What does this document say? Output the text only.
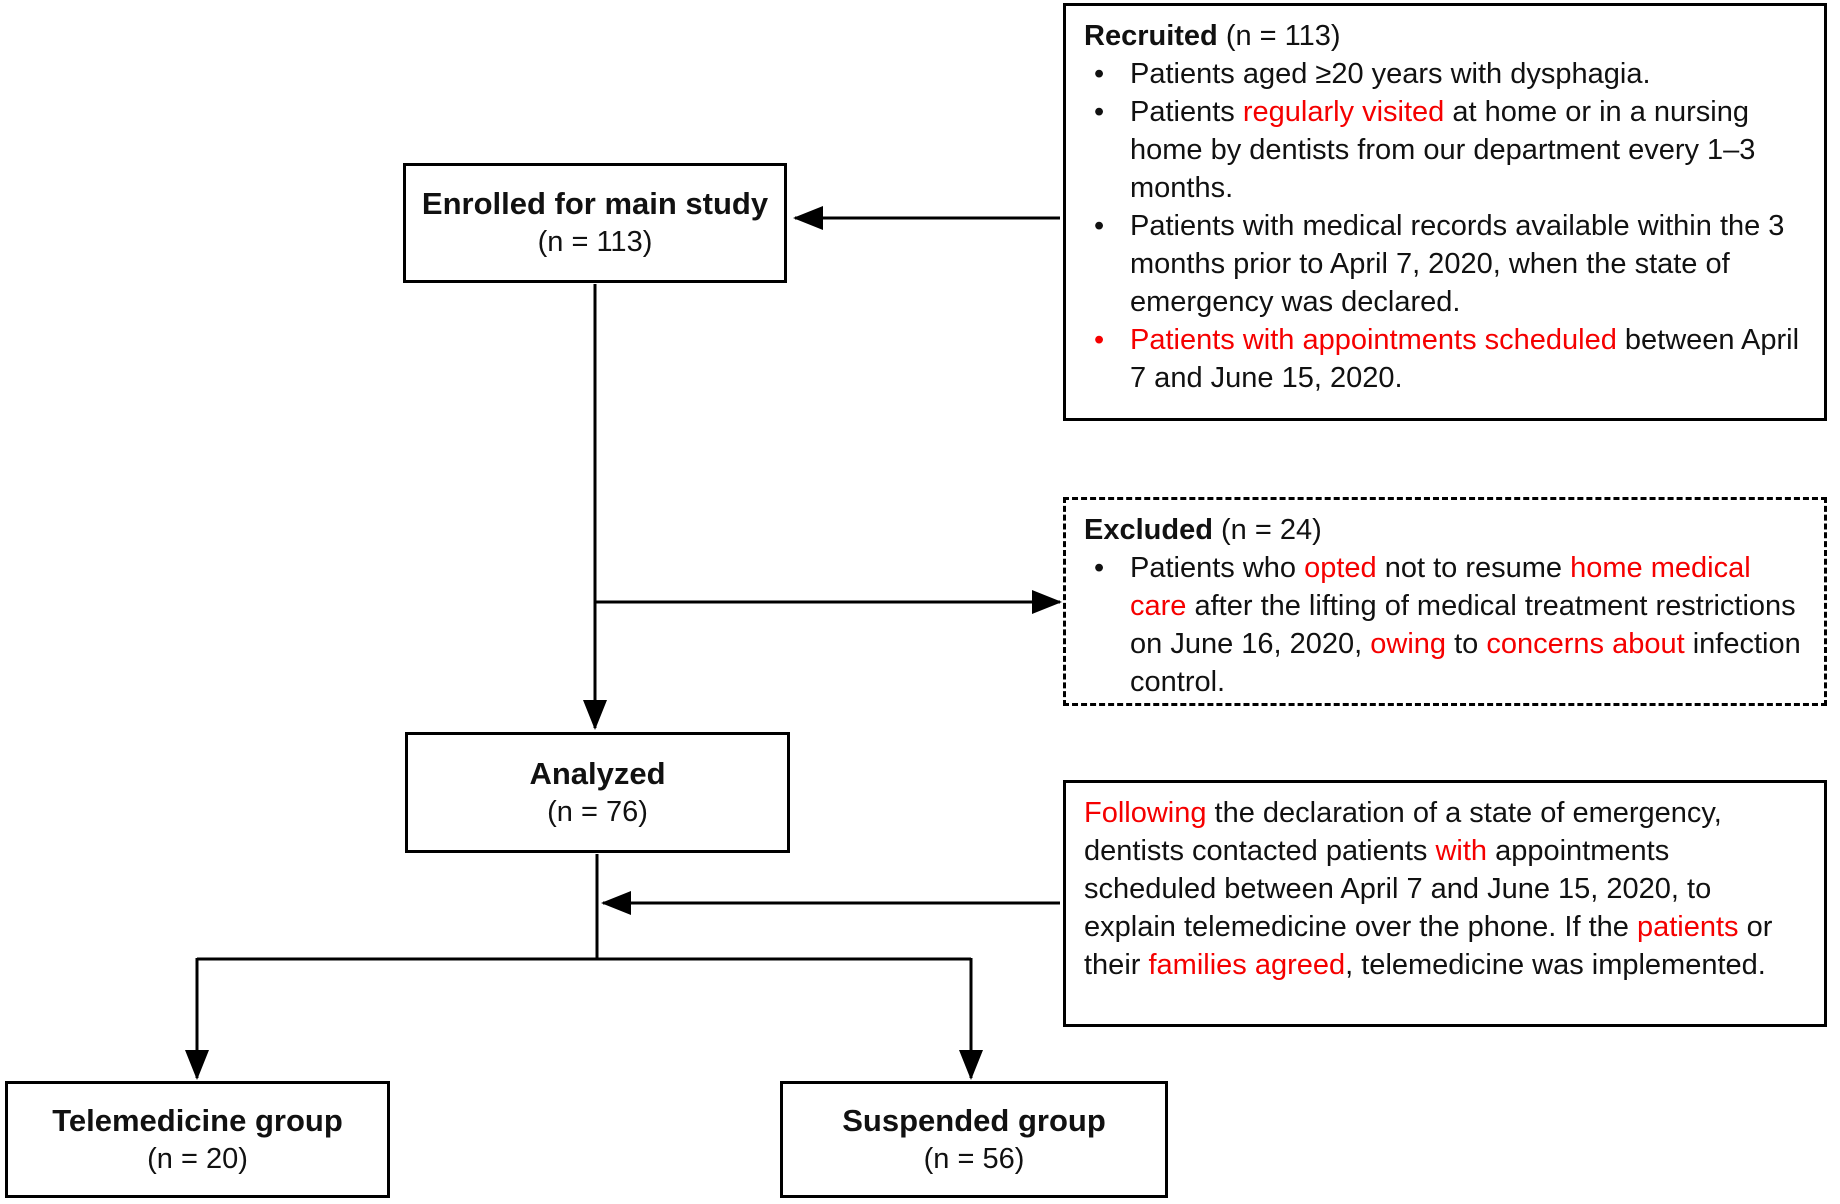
Enrolled for main study
(n = 113)
Analyzed
(n = 76)
Telemedicine group
(n = 20)
Suspended group
(n = 56)
Recruited (n = 113)
• Patients aged ≥20 years with dysphagia.
• Patients regularly visited at home or in a nursing home by dentists from our department every 1–3 months.
• Patients with medical records available within the 3 months prior to April 7, 2020, when the state of emergency was declared.
• Patients with appointments scheduled between April 7 and June 15, 2020.
Excluded (n = 24)
• Patients who opted not to resume home medical care after the lifting of medical treatment restrictions on June 16, 2020, owing to concerns about infection control.

Following the declaration of a state of emergency, dentists contacted patients with appointments scheduled between April 7 and June 15, 2020, to explain telemedicine over the phone. If the patients or their families agreed, telemedicine was implemented.
